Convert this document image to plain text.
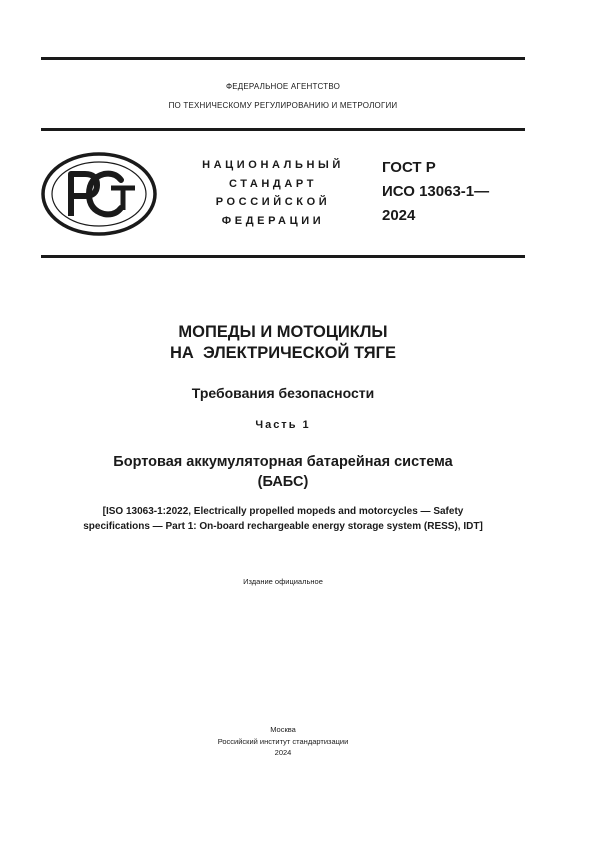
ФЕДЕРАЛЬНОЕ АГЕНТСТВО
ПО ТЕХНИЧЕСКОМУ РЕГУЛИРОВАНИЮ И МЕТРОЛОГИИ
НАЦИОНАЛЬНЫЙ
СТАНДАРТ
РОССИЙСКОЙ
ФЕДЕРАЦИИ
ГОСТ Р
ИСО 13063-1—
2024
МОПЕДЫ И МОТОЦИКЛЫ
НА  ЭЛЕКТРИЧЕСКОЙ ТЯГЕ
Требования безопасности
Часть 1
Бортовая аккумуляторная батарейная система
(БАБС)
[ISO 13063-1:2022, Electrically propelled mopeds and motorcycles — Safety
specifications — Part 1: On-board rechargeable energy storage system (RESS), IDT]
Издание официальное
Москва
Российский институт стандартизации
2024
